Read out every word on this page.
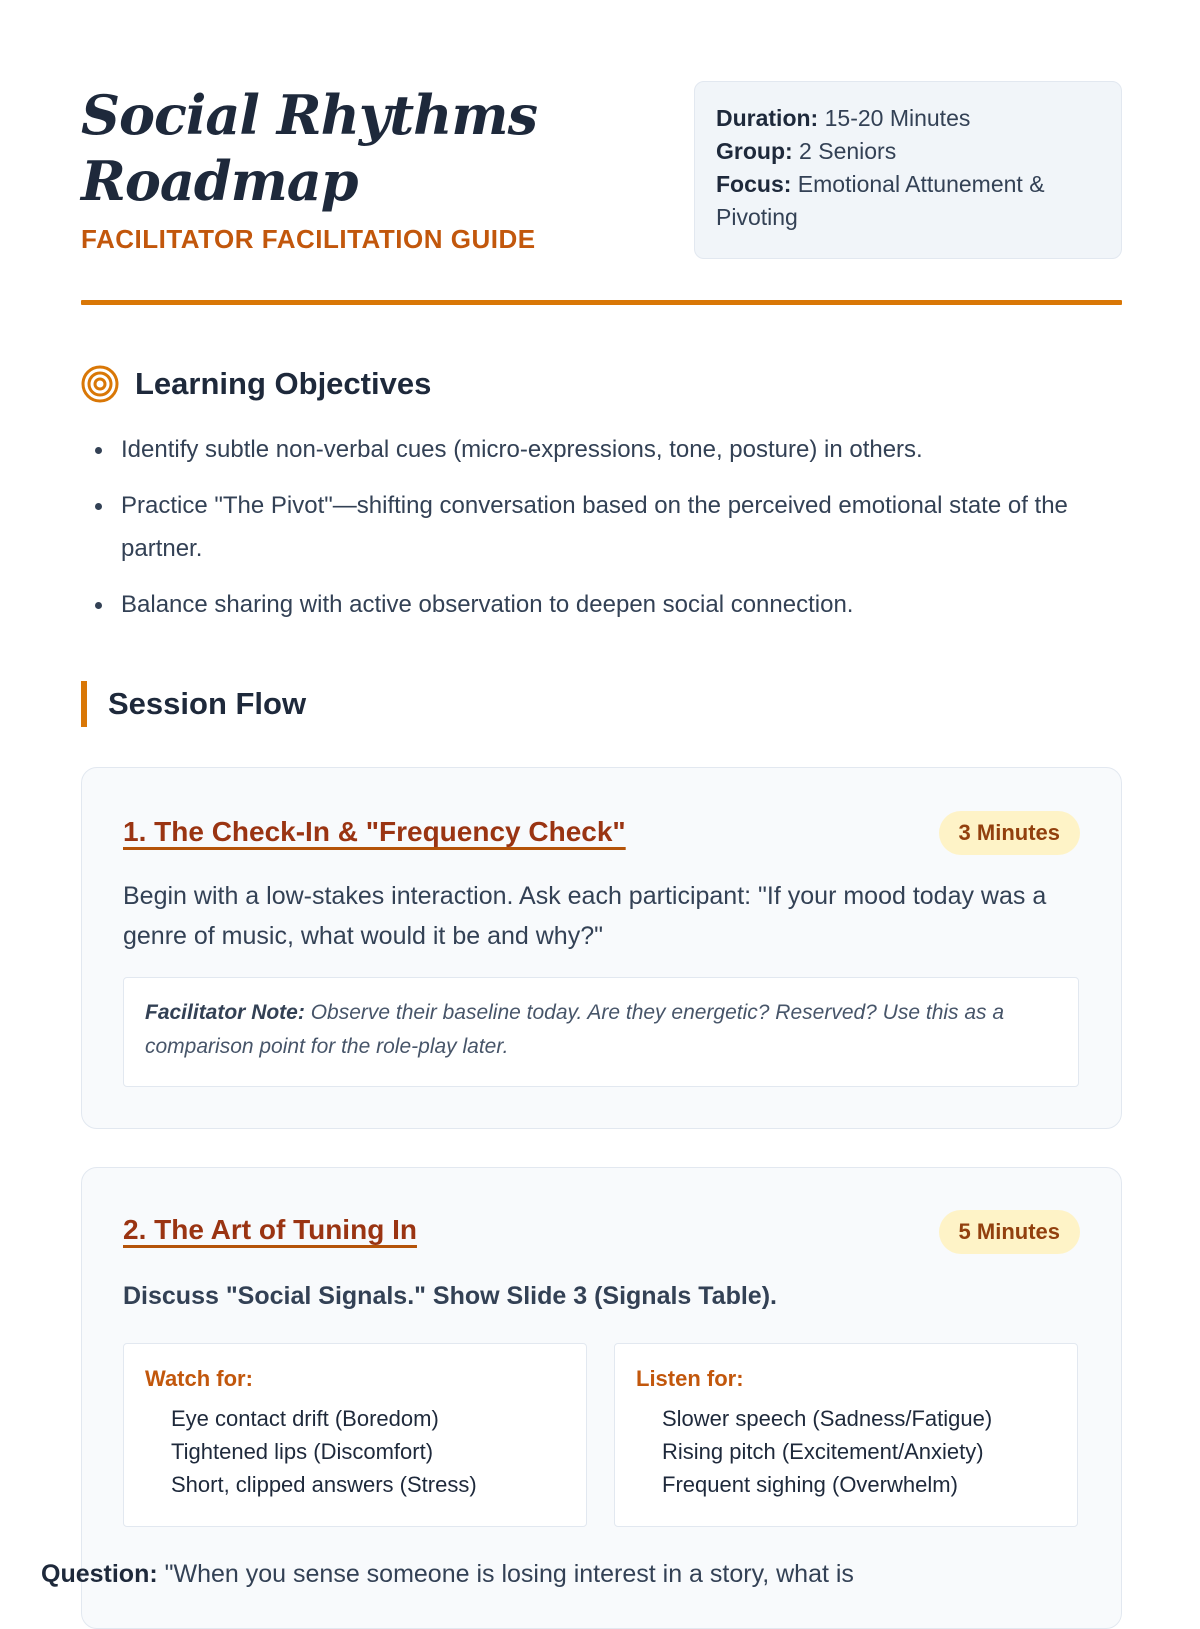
Social Rhythms Roadmap
FACILITATOR FACILITATION GUIDE
Duration: 15-20 Minutes
Group: 2 Seniors
Focus: Emotional Attunement & Pivoting
Learning Objectives
Identify subtle non-verbal cues (micro-expressions, tone, posture) in others.
Practice "The Pivot"—shifting conversation based on the perceived emotional state of the partner.
Balance sharing with active observation to deepen social connection.
Session Flow
1. The Check-In & "Frequency Check"	3 Minutes

Begin with a low-stakes interaction. Ask each participant: "If your mood today was a genre of music, what would it be and why?"

Facilitator Note: Observe their baseline today. Are they energetic? Reserved? Use this as a comparison point for the role-play later.
2. The Art of Tuning In	5 Minutes

Discuss "Social Signals." Show Slide 3 (Signals Table).

Watch for:
Eye contact drift (Boredom)
Tightened lips (Discomfort)
Short, clipped answers (Stress)
Listen for:
Slower speech (Sadness/Fatigue)
Rising pitch (Excitement/Anxiety)
Frequent sighing (Overwhelm)
Question: "When you sense someone is losing interest in a story, what is
